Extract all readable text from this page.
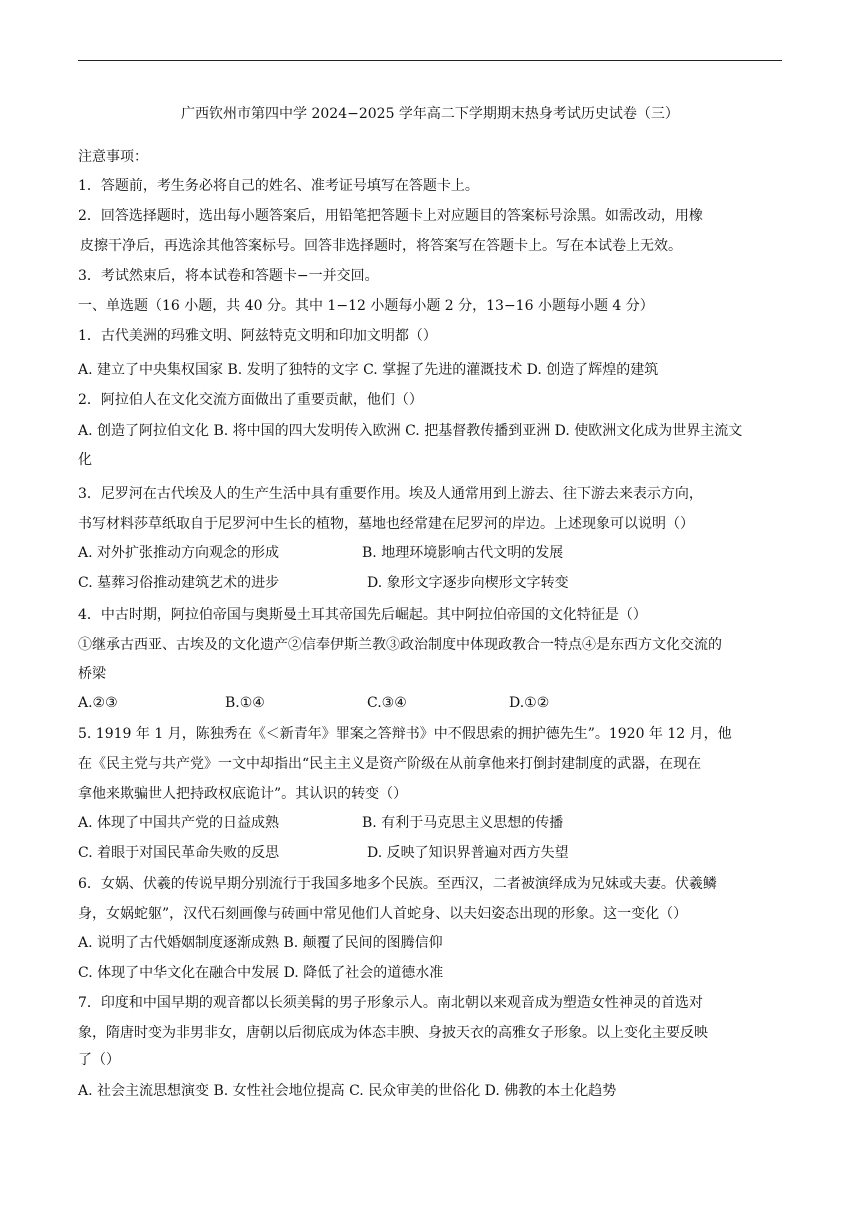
广西钦州市第四中学 2024−2025 学年高二下学期期末热身考试历史试卷（三）
注意事项：
1．答题前，考生务必将自己的姓名、准考证号填写在答题卡上。
2．回答选择题时，选出每小题答案后，用铅笔把答题卡上对应题目的答案标号涂黑。如需改动，用橡
皮擦干净后，再选涂其他答案标号。回答非选择题时，将答案写在答题卡上。写在本试卷上无效。
3．考试然束后，将本试卷和答题卡−一并交回。
一、单选题（16 小题，共 40 分。其中 1−12 小题每小题 2 分，13−16 小题每小题 4 分）
1．古代美洲的玛雅文明、阿兹特克文明和印加文明都（）
A. 建立了中央集权国家 B. 发明了独特的文字 C. 掌握了先进的灌溉技术 D. 创造了辉煌的建筑
2．阿拉伯人在文化交流方面做出了重要贡献，他们（）
A. 创造了阿拉伯文化 B. 将中国的四大发明传入欧洲 C. 把基督教传播到亚洲 D. 使欧洲文化成为世界主流文
化
3．尼罗河在古代埃及人的生产生活中具有重要作用。埃及人通常用到上游去、往下游去来表示方向，
书写材料莎草纸取自于尼罗河中生长的植物，墓地也经常建在尼罗河的岸边。上述现象可以说明（）
A. 对外扩张推动方向观念的形成	B. 地理环境影响古代文明的发展
C. 墓葬习俗推动建筑艺术的进步	D. 象形文字逐步向楔形文字转变
4．中古时期，阿拉伯帝国与奥斯曼土耳其帝国先后崛起。其中阿拉伯帝国的文化特征是（）
①继承古西亚、古埃及的文化遗产②信奉伊斯兰教③政治制度中体现政教合一特点④是东西方文化交流的
桥梁
A.②③	B.①④	C.③④	D.①②
5. 1919 年 1 月，陈独秀在《＜新青年》罪案之答辩书》中不假思索的拥护德先生”。1920 年 12 月，他
在《民主党与共产党》一文中却指出“民主主义是资产阶级在从前拿他来打倒封建制度的武器，在现在
拿他来欺骗世人把持政权底诡计”。其认识的转变（）
A. 体现了中国共产党的日益成熟	B. 有利于马克思主义思想的传播
C. 着眼于对国民革命失败的反思	D. 反映了知识界普遍对西方失望
6．女娲、伏羲的传说早期分别流行于我国多地多个民族。至西汉，二者被演绎成为兄妹或夫妻。伏羲鳞
身，女娲蛇躯”，汉代石刻画像与砖画中常见他们人首蛇身、以夫妇姿态出现的形象。这一变化（）
A. 说明了古代婚姻制度逐渐成熟 B. 颠覆了民间的图腾信仰
C. 体现了中华文化在融合中发展 D. 降低了社会的道德水准
7．印度和中国早期的观音都以长须美髯的男子形象示人。南北朝以来观音成为塑造女性神灵的首选对
象，隋唐时变为非男非女，唐朝以后彻底成为体态丰腴、身披天衣的高雅女子形象。以上变化主要反映
了（）
A. 社会主流思想演变 B. 女性社会地位提高 C. 民众审美的世俗化 D. 佛教的本土化趋势
